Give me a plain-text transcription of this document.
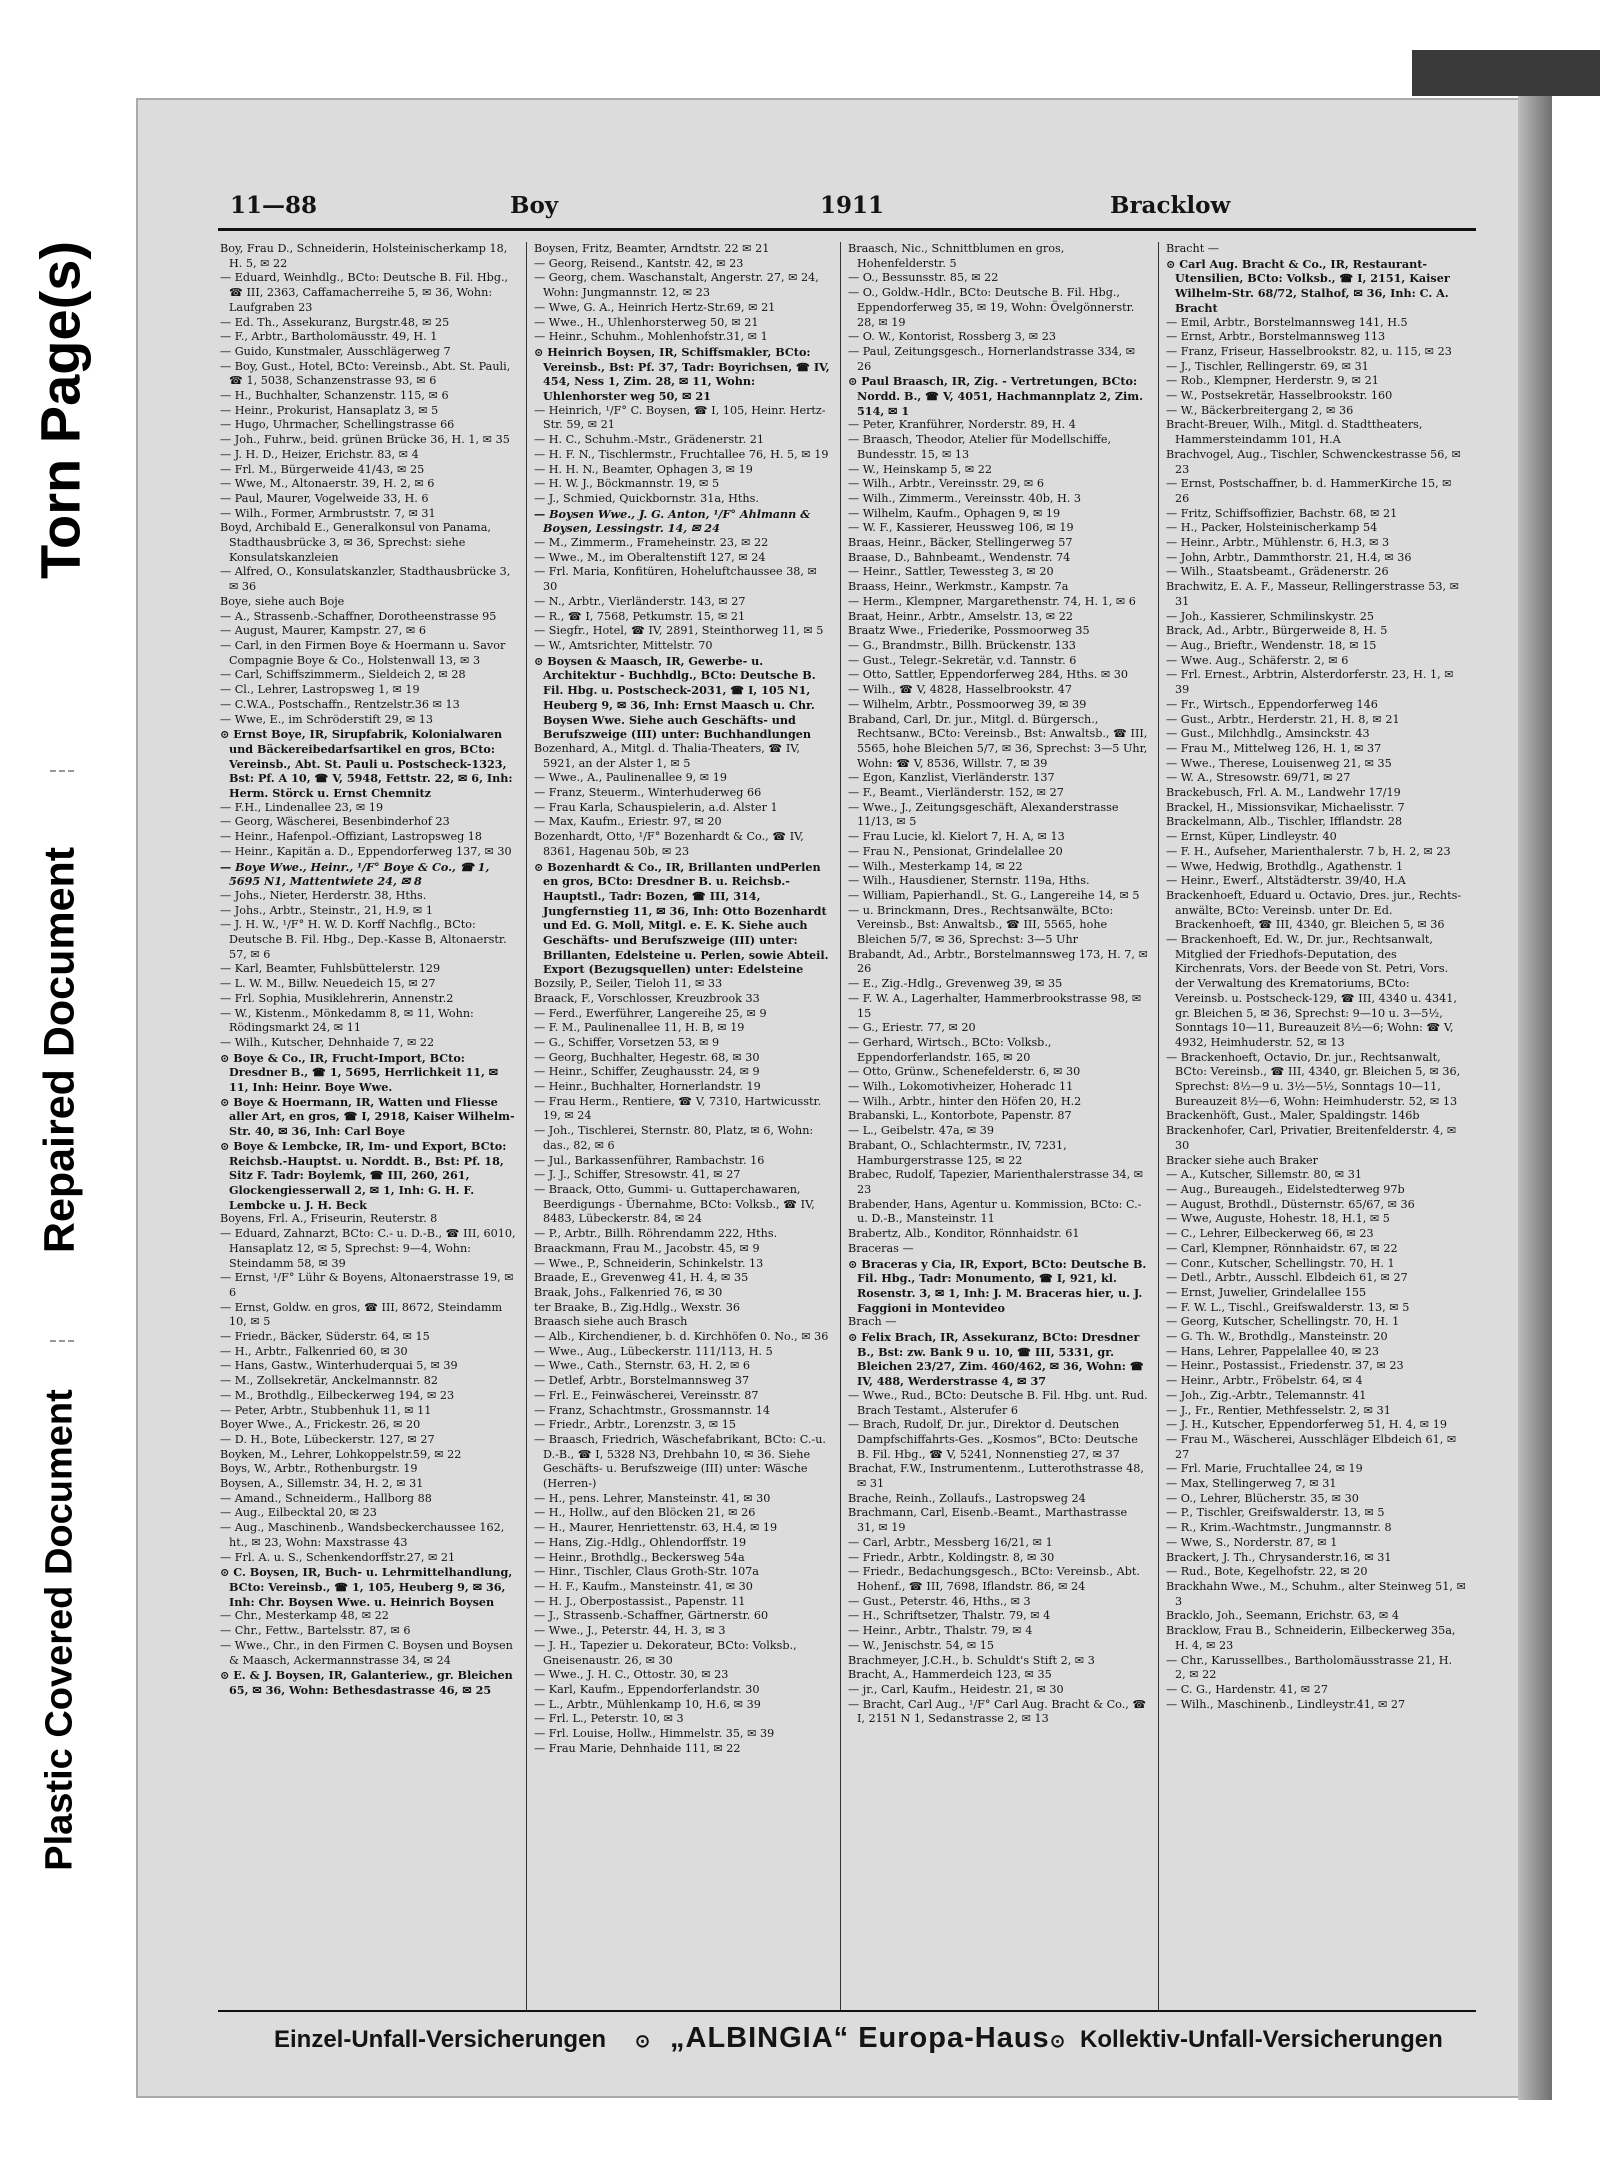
Torn Page(s)
Repaired Document
Plastic Covered Document
11—88	Boy	1911	Bracklow

Boy, Frau D., Schneiderin, Holsteinischerkamp 18, H. 5, ✉ 22

— Eduard, Weinhdlg., BCto: Deutsche B. Fil. Hbg., ☎ III, 2363, Caffamacherreihe 5, ✉ 36, Wohn: Laufgraben 23

— Ed. Th., Assekuranz, Burgstr.48, ✉ 25

— F., Arbtr., Bartholomäusstr. 49, H. 1

— Guido, Kunstmaler, Ausschlägerweg 7

— Boy, Gust., Hotel, BCto: Vereinsb., Abt. St. Pauli, ☎ 1, 5038, Schanzenstrasse 93, ✉ 6

— H., Buchhalter, Schanzenstr. 115, ✉ 6

— Heinr., Prokurist, Hansaplatz 3, ✉ 5

— Hugo, Uhrmacher, Schellingstrasse 66

— Joh., Fuhrw., beid. grünen Brücke 36, H. 1, ✉ 35

— J. H. D., Heizer, Erichstr. 83, ✉ 4

— Frl. M., Bürgerweide 41/43, ✉ 25

— Wwe, M., Altonaerstr. 39, H. 2, ✉ 6

— Paul, Maurer, Vogelweide 33, H. 6

— Wilh., Former, Armbruststr. 7, ✉ 31

Boyd, Archibald E., Generalkonsul von Panama, Stadthausbrücke 3, ✉ 36, Sprechst: siehe Konsulatskanzleien

— Alfred, O., Konsulatskanzler, Stadthausbrücke 3, ✉ 36

Boye, siehe auch Boje

— A., Strassenb.-Schaffner, Dorotheenstrasse 95

— August, Maurer, Kampstr. 27, ✉ 6

— Carl, in den Firmen Boye & Hoermann u. Savor Compagnie Boye & Co., Holstenwall 13, ✉ 3

— Carl, Schiffszimmerm., Sieldeich 2, ✉ 28

— Cl., Lehrer, Lastropsweg 1, ✉ 19

— C.W.A., Postschaffn., Rentzelstr.36 ✉ 13

— Wwe, E., im Schröderstift 29, ✉ 13

⊙ Ernst Boye, IR, Sirupfabrik, Kolonialwaren und Bäckereibedarfsartikel en gros, BCto: Vereinsb., Abt. St. Pauli u. Postscheck-1323, Bst: Pf. A 10, ☎ V, 5948, Fettstr. 22, ✉ 6, Inh: Herm. Störck u. Ernst Chemnitz

— F.H., Lindenallee 23, ✉ 19

— Georg, Wäscherei, Besenbinderhof 23

— Heinr., Hafenpol.-Offiziant, Lastropsweg 18

— Heinr., Kapitän a. D., Eppendorferweg 137, ✉ 30

— Boye Wwe., Heinr., ¹/F° Boye & Co., ☎ 1, 5695 N1, Mattentwiete 24, ✉ 8

— Johs., Nieter, Herderstr. 38, Hths.

— Johs., Arbtr., Steinstr., 21, H.9, ✉ 1

— J. H. W., ¹/F° H. W. D. Korff Nachflg., BCto: Deutsche B. Fil. Hbg., Dep.-Kasse B, Altonaerstr. 57, ✉ 6

— Karl, Beamter, Fuhlsbüttelerstr. 129

— L. W. M., Billw. Neuedeich 15, ✉ 27

— Frl. Sophia, Musiklehrerin, Annenstr.2

— W., Kistenm., Mönkedamm 8, ✉ 11, Wohn: Rödingsmarkt 24, ✉ 11

— Wilh., Kutscher, Dehnhaide 7, ✉ 22

⊙ Boye & Co., IR, Frucht-Import, BCto: Dresdner B., ☎ 1, 5695, Herrlichkeit 11, ✉ 11, Inh: Heinr. Boye Wwe.

⊙ Boye & Hoermann, IR, Watten und Fliesse aller Art, en gros, ☎ I, 2918, Kaiser Wilhelm-Str. 40, ✉ 36, Inh: Carl Boye

⊙ Boye & Lembcke, IR, Im- und Export, BCto: Reichsb.-Hauptst. u. Norddt. B., Bst: Pf. 18, Sitz F. Tadr: Boylemk, ☎ III, 260, 261, Glockengiesserwall 2, ✉ 1, Inh: G. H. F. Lembcke u. J. H. Beck

Boyens, Frl. A., Friseurin, Reuterstr. 8

— Eduard, Zahnarzt, BCto: C.- u. D.-B., ☎ III, 6010, Hansaplatz 12, ✉ 5, Sprechst: 9—4, Wohn: Steindamm 58, ✉ 39

— Ernst, ¹/F° Lühr & Boyens, Altonaerstrasse 19, ✉ 6

— Ernst, Goldw. en gros, ☎ III, 8672, Steindamm 10, ✉ 5

— Friedr., Bäcker, Süderstr. 64, ✉ 15

— H., Arbtr., Falkenried 60, ✉ 30

— Hans, Gastw., Winterhuderquai 5, ✉ 39

— M., Zollsekretär, Anckelmannstr. 82

— M., Brothdlg., Eilbeckerweg 194, ✉ 23

— Peter, Arbtr., Stubbenhuk 11, ✉ 11

Boyer Wwe., A., Frickestr. 26, ✉ 20

— D. H., Bote, Lübeckerstr. 127, ✉ 27

Boyken, M., Lehrer, Lohkoppelstr.59, ✉ 22

Boys, W., Arbtr., Rothenburgstr. 19

Boysen, A., Sillemstr. 34, H. 2, ✉ 31

— Amand., Schneiderm., Hallborg 88

— Aug., Eilbecktal 20, ✉ 23

— Aug., Maschinenb., Wandsbeckerchaussee 162, ht., ✉ 23, Wohn: Maxstrasse 43

— Frl. A. u. S., Schenkendorffstr.27, ✉ 21

⊙ C. Boysen, IR, Buch- u. Lehrmittelhandlung, BCto: Vereinsb., ☎ 1, 105, Heuberg 9, ✉ 36, Inh: Chr. Boysen Wwe. u. Heinrich Boysen

— Chr., Mesterkamp 48, ✉ 22

— Chr., Fettw., Bartelsstr. 87, ✉ 6

— Wwe., Chr., in den Firmen C. Boysen und Boysen & Maasch, Ackermannstrasse 34, ✉ 24

⊙ E. & J. Boysen, IR, Galanteriew., gr. Bleichen 65, ✉ 36, Wohn: Bethesdastrasse 46, ✉ 25

Boysen, Fritz, Beamter, Arndtstr. 22 ✉ 21

— Georg, Reisend., Kantstr. 42, ✉ 23

— Georg, chem. Waschanstalt, Angerstr. 27, ✉ 24, Wohn: Jungmannstr. 12, ✉ 23

— Wwe, G. A., Heinrich Hertz-Str.69, ✉ 21

— Wwe., H., Uhlenhorsterweg 50, ✉ 21

— Heinr., Schuhm., Mohlenhofstr.31, ✉ 1

⊙ Heinrich Boysen, IR, Schiffsmakler, BCto: Vereinsb., Bst: Pf. 37, Tadr: Boyrichsen, ☎ IV, 454, Ness 1, Zim. 28, ✉ 11, Wohn: Uhlenhorster weg 50, ✉ 21

— Heinrich, ¹/F° C. Boysen, ☎ I, 105, Heinr. Hertz-Str. 59, ✉ 21

— H. C., Schuhm.-Mstr., Grädenerstr. 21

— H. F. N., Tischlermstr., Fruchtallee 76, H. 5, ✉ 19

— H. H. N., Beamter, Ophagen 3, ✉ 19

— H. W. J., Böckmannstr. 19, ✉ 5

— J., Schmied, Quickbornstr. 31a, Hths.

— Boysen Wwe., J. G. Anton, ¹/F° Ahlmann & Boysen, Lessingstr. 14, ✉ 24

— M., Zimmerm., Frameheinstr. 23, ✉ 22

— Wwe., M., im Oberaltenstift 127, ✉ 24

— Frl. Maria, Konfitüren, Hoheluftchaussee 38, ✉ 30

— N., Arbtr., Vierländerstr. 143, ✉ 27

— R., ☎ I, 7568, Petkumstr. 15, ✉ 21

— Siegfr., Hotel, ☎ IV, 2891, Steinthorweg 11, ✉ 5

— W., Amtsrichter, Mittelstr. 70

⊙ Boysen & Maasch, IR, Gewerbe- u. Architektur - Buchhdlg., BCto: Deutsche B. Fil. Hbg. u. Postscheck-2031, ☎ I, 105 N1, Heuberg 9, ✉ 36, Inh: Ernst Maasch u. Chr. Boysen Wwe. Siehe auch Geschäfts- und Berufszweige (III) unter: Buchhandlungen

Bozenhard, A., Mitgl. d. Thalia-Theaters, ☎ IV, 5921, an der Alster 1, ✉ 5

— Wwe., A., Paulinenallee 9, ✉ 19

— Franz, Steuerm., Winterhuderweg 66

— Frau Karla, Schauspielerin, a.d. Alster 1

— Max, Kaufm., Eriestr. 97, ✉ 20

Bozenhardt, Otto, ¹/F° Bozenhardt & Co., ☎ IV, 8361, Hagenau 50b, ✉ 23

⊙ Bozenhardt & Co., IR, Brillanten undPerlen en gros, BCto: Dresdner B. u. Reichsb.-Hauptstl., Tadr: Bozen, ☎ III, 314, Jungfernstieg 11, ✉ 36, Inh: Otto Bozenhardt und Ed. G. Moll, Mitgl. e. E. K. Siehe auch Geschäfts- und Berufszweige (III) unter: Brillanten, Edelsteine u. Perlen, sowie Abteil. Export (Bezugsquellen) unter: Edelsteine

Bozsily, P., Seiler, Tieloh 11, ✉ 33

Braack, F., Vorschlosser, Kreuzbrook 33

— Ferd., Ewerführer, Langereihe 25, ✉ 9

— F. M., Paulinenallee 11, H. B, ✉ 19

— G., Schiffer, Vorsetzen 53, ✉ 9

— Georg, Buchhalter, Hegestr. 68, ✉ 30

— Heinr., Schiffer, Zeughausstr. 24, ✉ 9

— Heinr., Buchhalter, Hornerlandstr. 19

— Frau Herm., Rentiere, ☎ V, 7310, Hartwicusstr. 19, ✉ 24

— Joh., Tischlerei, Sternstr. 80, Platz, ✉ 6, Wohn: das., 82, ✉ 6

— Jul., Barkassenführer, Rambachstr. 16

— J. J., Schiffer, Stresowstr. 41, ✉ 27

— Braack, Otto, Gummi- u. Guttaperchawaren, Beerdigungs - Übernahme, BCto: Volksb., ☎ IV, 8483, Lübeckerstr. 84, ✉ 24

— P., Arbtr., Billh. Röhrendamm 222, Hths.

Braackmann, Frau M., Jacobstr. 45, ✉ 9

— Wwe., P., Schneiderin, Schinkelstr. 13

Braade, E., Grevenweg 41, H. 4, ✉ 35

Braak, Johs., Falkenried 76, ✉ 30

ter Braake, B., Zig.Hdlg., Wexstr. 36

Braasch siehe auch Brasch

— Alb., Kirchendiener, b. d. Kirchhöfen 0. No., ✉ 36

— Wwe., Aug., Lübeckerstr. 111/113, H. 5

— Wwe., Cath., Sternstr. 63, H. 2, ✉ 6

— Detlef, Arbtr., Borstelmannsweg 37

— Frl. E., Feinwäscherei, Vereinsstr. 87

— Franz, Schachtmstr., Grossmannstr. 14

— Friedr., Arbtr., Lorenzstr. 3, ✉ 15

— Braasch, Friedrich, Wäschefabrikant, BCto: C.-u. D.-B., ☎ I, 5328 N3, Drehbahn 10, ✉ 36. Siehe Geschäfts- u. Berufszweige (III) unter: Wäsche (Herren-)

— H., pens. Lehrer, Mansteinstr. 41, ✉ 30

— H., Hollw., auf den Blöcken 21, ✉ 26

— H., Maurer, Henriettenstr. 63, H.4, ✉ 19

— Hans, Zig.-Hdlg., Ohlendorffstr. 19

— Heinr., Brothdlg., Beckersweg 54a

— Hinr., Tischler, Claus Groth-Str. 107a

— H. F., Kaufm., Mansteinstr. 41, ✉ 30

— H. J., Oberpostassist., Papenstr. 11

— J., Strassenb.-Schaffner, Gärtnerstr. 60

— Wwe., J., Peterstr. 44, H. 3, ✉ 3

— J. H., Tapezier u. Dekorateur, BCto: Volksb., Gneisenaustr. 26, ✉ 30

— Wwe., J. H. C., Ottostr. 30, ✉ 23

— Karl, Kaufm., Eppendorferlandstr. 30

— L., Arbtr., Mühlenkamp 10, H.6, ✉ 39

— Frl. L., Peterstr. 10, ✉ 3

— Frl. Louise, Hollw., Himmelstr. 35, ✉ 39

— Frau Marie, Dehnhaide 111, ✉ 22

Braasch, Nic., Schnittblumen en gros, Hohenfelderstr. 5

— O., Bessunsstr. 85, ✉ 22

— O., Goldw.-Hdlr., BCto: Deutsche B. Fil. Hbg., Eppendorferweg 35, ✉ 19, Wohn: Övelgönnerstr. 28, ✉ 19

— O. W., Kontorist, Rossberg 3, ✉ 23

— Paul, Zeitungsgesch., Hornerlandstrasse 334, ✉ 26

⊙ Paul Braasch, IR, Zig. - Vertretungen, BCto: Nordd. B., ☎ V, 4051, Hachmannplatz 2, Zim. 514, ✉ 1

— Peter, Kranführer, Norderstr. 89, H. 4

— Braasch, Theodor, Atelier für Modellschiffe, Bundesstr. 15, ✉ 13

— W., Heinskamp 5, ✉ 22

— Wilh., Arbtr., Vereinsstr. 29, ✉ 6

— Wilh., Zimmerm., Vereinsstr. 40b, H. 3

— Wilhelm, Kaufm., Ophagen 9, ✉ 19

— W. F., Kassierer, Heussweg 106, ✉ 19

Braas, Heinr., Bäcker, Stellingerweg 57

Braase, D., Bahnbeamt., Wendenstr. 74

— Heinr., Sattler, Tewessteg 3, ✉ 20

Braass, Heinr., Werkmstr., Kampstr. 7a

— Herm., Klempner, Margarethenstr. 74, H. 1, ✉ 6

Braat, Heinr., Arbtr., Amselstr. 13, ✉ 22

Braatz Wwe., Friederike, Possmoorweg 35

— G., Brandmstr., Billh. Brückenstr. 133

— Gust., Telegr.-Sekretär, v.d. Tannstr. 6

— Otto, Sattler, Eppendorferweg 284, Hths. ✉ 30

— Wilh., ☎ V, 4828, Hasselbrookstr. 47

— Wilhelm, Arbtr., Possmoorweg 39, ✉ 39

Braband, Carl, Dr. jur., Mitgl. d. Bürgersch., Rechtsanw., BCto: Vereinsb., Bst: Anwaltsb., ☎ III, 5565, hohe Bleichen 5/7, ✉ 36, Sprechst: 3—5 Uhr, Wohn: ☎ V, 8536, Willstr. 7, ✉ 39

— Egon, Kanzlist, Vierländerstr. 137

— F., Beamt., Vierländerstr. 152, ✉ 27

— Wwe., J., Zeitungsgeschäft, Alexanderstrasse 11/13, ✉ 5

— Frau Lucie, kl. Kielort 7, H. A, ✉ 13

— Frau N., Pensionat, Grindelallee 20

— Wilh., Mesterkamp 14, ✉ 22

— Wilh., Hausdiener, Sternstr. 119a, Hths.

— William, Papierhandl., St. G., Langereihe 14, ✉ 5

— u. Brinckmann, Dres., Rechtsanwälte, BCto: Vereinsb., Bst: Anwaltsb., ☎ III, 5565, hohe Bleichen 5/7, ✉ 36, Sprechst: 3—5 Uhr

Brabandt, Ad., Arbtr., Borstelmannsweg 173, H. 7, ✉ 26

— E., Zig.-Hdlg., Grevenweg 39, ✉ 35

— F. W. A., Lagerhalter, Hammerbrookstrasse 98, ✉ 15

— G., Eriestr. 77, ✉ 20

— Gerhard, Wirtsch., BCto: Volksb., Eppendorferlandstr. 165, ✉ 20

— Otto, Grünw., Schenefelderstr. 6, ✉ 30

— Wilh., Lokomotivheizer, Hoheradc 11

— Wilh., Arbtr., hinter den Höfen 20, H.2

Brabanski, L., Kontorbote, Papenstr. 87

— L., Geibelstr. 47a, ✉ 39

Brabant, O., Schlachtermstr., IV, 7231, Hamburgerstrasse 125, ✉ 22

Brabec, Rudolf, Tapezier, Marienthalerstrasse 34, ✉ 23

Brabender, Hans, Agentur u. Kommission, BCto: C.-u. D.-B., Mansteinstr. 11

Brabertz, Alb., Konditor, Rönnhaidstr. 61

Braceras —

⊙ Braceras y Cia, IR, Export, BCto: Deutsche B. Fil. Hbg., Tadr: Monumento, ☎ I, 921, kl. Rosenstr. 3, ✉ 1, Inh: J. M. Braceras hier, u. J. Faggioni in Montevideo

Brach —

⊙ Felix Brach, IR, Assekuranz, BCto: Dresdner B., Bst: zw. Bank 9 u. 10, ☎ III, 5331, gr. Bleichen 23/27, Zim. 460/462, ✉ 36, Wohn: ☎ IV, 488, Werderstrasse 4, ✉ 37

— Wwe., Rud., BCto: Deutsche B. Fil. Hbg. unt. Rud. Brach Testamt., Alsterufer 6

— Brach, Rudolf, Dr. jur., Direktor d. Deutschen Dampfschiffahrts-Ges. „Kosmos“, BCto: Deutsche B. Fil. Hbg., ☎ V, 5241, Nonnenstieg 27, ✉ 37

Brachat, F.W., Instrumentenm., Lutterothstrasse 48, ✉ 31

Brache, Reinh., Zollaufs., Lastropsweg 24

Brachmann, Carl, Eisenb.-Beamt., Marthastrasse 31, ✉ 19

— Carl, Arbtr., Messberg 16/21, ✉ 1

— Friedr., Arbtr., Koldingstr. 8, ✉ 30

— Friedr., Bedachungsgesch., BCto: Vereinsb., Abt. Hohenf., ☎ III, 7698, Iflandstr. 86, ✉ 24

— Gust., Peterstr. 46, Hths., ✉ 3

— H., Schriftsetzer, Thalstr. 79, ✉ 4

— Heinr., Arbtr., Thalstr. 79, ✉ 4

— W., Jenischstr. 54, ✉ 15

Brachmeyer, J.C.H., b. Schuldt's Stift 2, ✉ 3

Bracht, A., Hammerdeich 123, ✉ 35

— jr., Carl, Kaufm., Heidestr. 21, ✉ 30

— Bracht, Carl Aug., ¹/F° Carl Aug. Bracht & Co., ☎ I, 2151 N 1, Sedanstrasse 2, ✉ 13

Bracht —

⊙ Carl Aug. Bracht & Co., IR, Restaurant-Utensilien, BCto: Volksb., ☎ I, 2151, Kaiser Wilhelm-Str. 68/72, Stalhof, ✉ 36, Inh: C. A. Bracht

— Emil, Arbtr., Borstelmannsweg 141, H.5

— Ernst, Arbtr., Borstelmannsweg 113

— Franz, Friseur, Hasselbrookstr. 82, u. 115, ✉ 23

— J., Tischler, Rellingerstr. 69, ✉ 31

— Rob., Klempner, Herderstr. 9, ✉ 21

— W., Postsekretär, Hasselbrookstr. 160

— W., Bäckerbreitergang 2, ✉ 36

Bracht-Breuer, Wilh., Mitgl. d. Stadttheaters, Hammersteindamm 101, H.A

Brachvogel, Aug., Tischler, Schwenckestrasse 56, ✉ 23

— Ernst, Postschaffner, b. d. HammerKirche 15, ✉ 26

— Fritz, Schiffsoffizier, Bachstr. 68, ✉ 21

— H., Packer, Holsteinischerkamp 54

— Heinr., Arbtr., Mühlenstr. 6, H.3, ✉ 3

— John, Arbtr., Dammthorstr. 21, H.4, ✉ 36

— Wilh., Staatsbeamt., Grädenerstr. 26

Brachwitz, E. A. F., Masseur, Rellingerstrasse 53, ✉ 31

— Joh., Kassierer, Schmilinskystr. 25

Brack, Ad., Arbtr., Bürgerweide 8, H. 5

— Aug., Brieftr., Wendenstr. 18, ✉ 15

— Wwe. Aug., Schäferstr. 2, ✉ 6

— Frl. Ernest., Arbtrin, Alsterdorferstr. 23, H. 1, ✉ 39

— Fr., Wirtsch., Eppendorferweg 146

— Gust., Arbtr., Herderstr. 21, H. 8, ✉ 21

— Gust., Milchhdlg., Amsinckstr. 43

— Frau M., Mittelweg 126, H. 1, ✉ 37

— Wwe., Therese, Louisenweg 21, ✉ 35

— W. A., Stresowstr. 69/71, ✉ 27

Brackebusch, Frl. A. M., Landwehr 17/19

Brackel, H., Missionsvikar, Michaelisstr. 7

Brackelmann, Alb., Tischler, Ifflandstr. 28

— Ernst, Küper, Lindleystr. 40

— F. H., Aufseher, Marienthalerstr. 7 b, H. 2, ✉ 23

— Wwe, Hedwig, Brothdlg., Agathenstr. 1

— Heinr., Ewerf., Altstädterstr. 39/40, H.A

Brackenhoeft, Eduard u. Octavio, Dres. jur., Rechtsanwälte, BCto: Vereinsb. unter Dr. Ed. Brackenhoeft, ☎ III, 4340, gr. Bleichen 5, ✉ 36

— Brackenhoeft, Ed. W., Dr. jur., Rechtsanwalt, Mitglied der Friedhofs-Deputation, des Kirchenrats, Vors. der Beede von St. Petri, Vors. der Verwaltung des Krematoriums, BCto: Vereinsb. u. Postscheck-129, ☎ III, 4340 u. 4341, gr. Bleichen 5, ✉ 36, Sprechst: 9—10 u. 3—5½, Sonntags 10—11, Bureauzeit 8½—6; Wohn: ☎ V, 4932, Heimhuderstr. 52, ✉ 13

— Brackenhoeft, Octavio, Dr. jur., Rechtsanwalt, BCto: Vereinsb., ☎ III, 4340, gr. Bleichen 5, ✉ 36, Sprechst: 8½—9 u. 3½—5½, Sonntags 10—11, Bureauzeit 8½—6, Wohn: Heimhuderstr. 52, ✉ 13

Brackenhöft, Gust., Maler, Spaldingstr. 146b

Brackenhofer, Carl, Privatier, Breitenfelderstr. 4, ✉ 30

Bracker siehe auch Braker

— A., Kutscher, Sillemstr. 80, ✉ 31

— Aug., Bureaugeh., Eidelstedterweg 97b

— August, Brothdl., Düsternstr. 65/67, ✉ 36

— Wwe, Auguste, Hohestr. 18, H.1, ✉ 5

— C., Lehrer, Eilbeckerweg 66, ✉ 23

— Carl, Klempner, Rönnhaidstr. 67, ✉ 22

— Conr., Kutscher, Schellingstr. 70, H. 1

— Detl., Arbtr., Ausschl. Elbdeich 61, ✉ 27

— Ernst, Juwelier, Grindelallee 155

— F. W. L., Tischl., Greifswalderstr. 13, ✉ 5

— Georg, Kutscher, Schellingstr. 70, H. 1

— G. Th. W., Brothdlg., Mansteinstr. 20

— Hans, Lehrer, Pappelallee 40, ✉ 23

— Heinr., Postassist., Friedenstr. 37, ✉ 23

— Heinr., Arbtr., Fröbelstr. 64, ✉ 4

— Joh., Zig.-Arbtr., Telemannstr. 41

— J., Fr., Rentier, Methfesselstr. 2, ✉ 31

— J. H., Kutscher, Eppendorferweg 51, H. 4, ✉ 19

— Frau M., Wäscherei, Ausschläger Elbdeich 61, ✉ 27

— Frl. Marie, Fruchtallee 24, ✉ 19

— Max, Stellingerweg 7, ✉ 31

— O., Lehrer, Blücherstr. 35, ✉ 30

— P., Tischler, Greifswalderstr. 13, ✉ 5

— R., Krim.-Wachtmstr., Jungmannstr. 8

— Wwe, S., Norderstr. 87, ✉ 1

Brackert, J. Th., Chrysanderstr.16, ✉ 31

— Rud., Bote, Kegelhofstr. 22, ✉ 20

Brackhahn Wwe., M., Schuhm., alter Steinweg 51, ✉ 3

Bracklo, Joh., Seemann, Erichstr. 63, ✉ 4

Bracklow, Frau B., Schneiderin, Eilbeckerweg 35a, H. 4, ✉ 23

— Chr., Karussellbes., Bartholomäusstrasse 21, H. 2, ✉ 22

— C. G., Hardenstr. 41, ✉ 27

— Wilh., Maschinenb., Lindleystr.41, ✉ 27

Einzel-Unfall-Versicherungen ⊙ „ALBINGIA“ Europa-Haus ⊙ Kollektiv-Unfall-Versicherungen
